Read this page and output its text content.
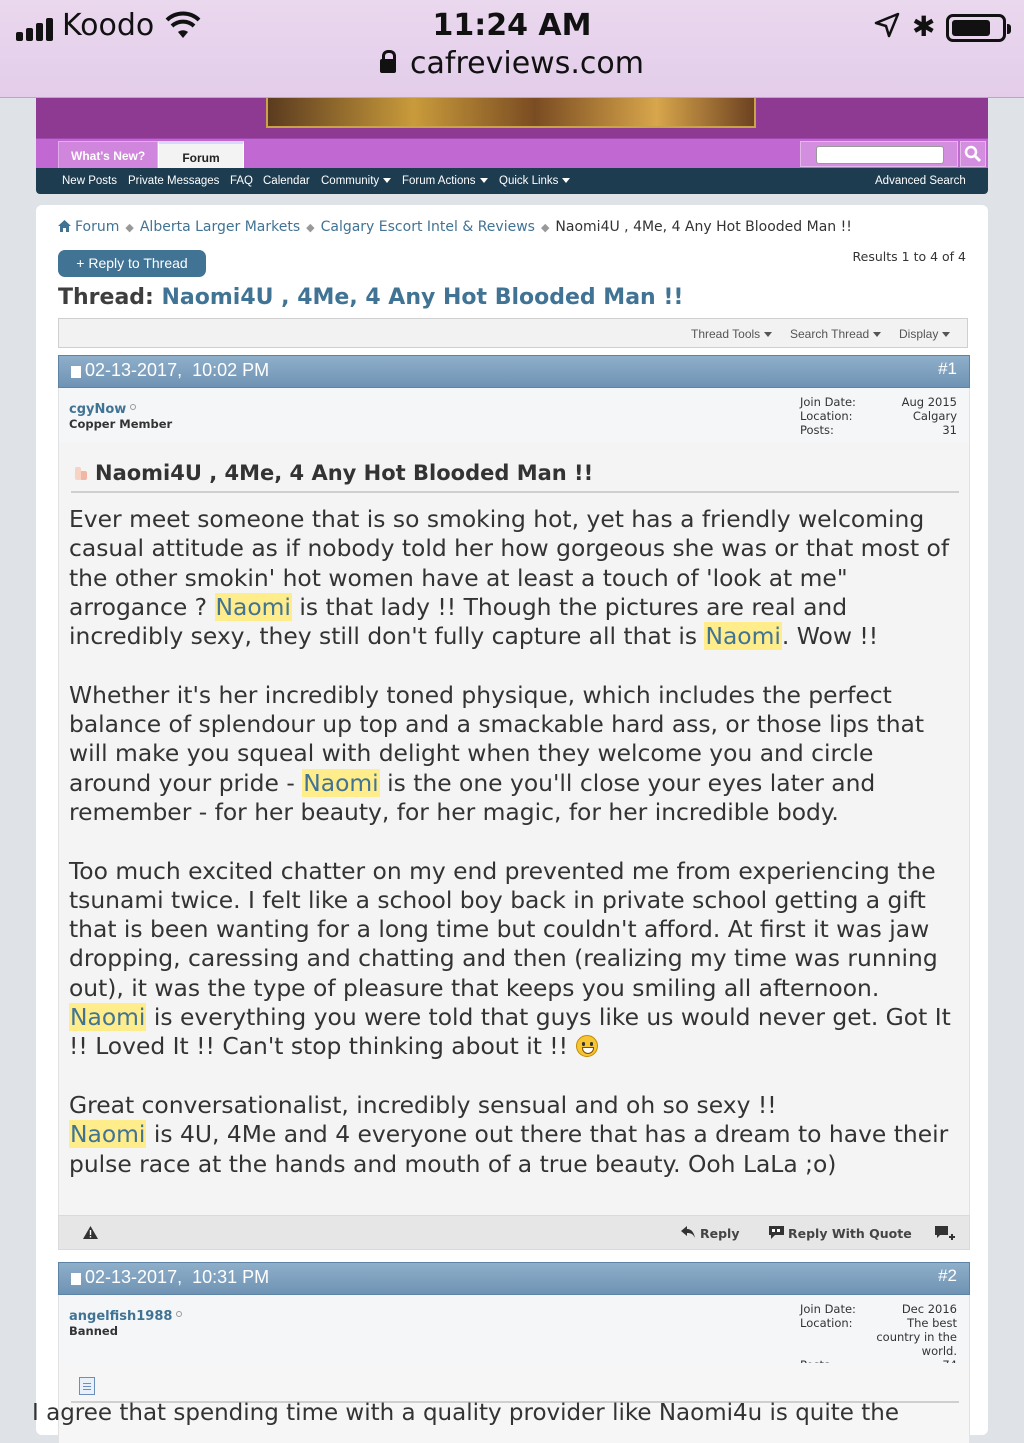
Koodo	11:24 AM	✱
cafreviews.com
What's New?	Forum
New Posts Private Messages FAQ Calendar Community	Forum Actions	Quick Links	Advanced Search
Forum ◆ Alberta Larger Markets ◆ Calgary Escort Intel & Reviews ◆ Naomi4U , 4Me, 4 Any Hot Blooded Man !!
+ Reply to Thread	Results 1 to 4 of 4
Thread: Naomi4U , 4Me, 4 Any Hot Blooded Man !!
Thread Tools	Search Thread	Display
02-13-2017, 10:02 PM	#1
cgyNow
Copper Member
Join Date:	Aug 2015
Location:	Calgary
Posts:	31
Naomi4U , 4Me, 4 Any Hot Blooded Man !!

Ever meet someone that is so smoking hot, yet has a friendly welcoming casual attitude as if nobody told her how gorgeous she was or that most of the other smokin' hot women have at least a touch of 'look at me" arrogance ? Naomi is that lady !! Though the pictures are real and incredibly sexy, they still don't fully capture all that is Naomi. Wow !!

Whether it's her incredibly toned physique, which includes the perfect balance of splendour up top and a smackable hard ass, or those lips that will make you squeal with delight when they welcome you and circle around your pride - Naomi is the one you'll close your eyes later and remember - for her beauty, for her magic, for her incredible body.

Too much excited chatter on my end prevented me from experiencing the tsunami twice. I felt like a school boy back in private school getting a gift that is been wanting for a long time but couldn't afford. At first it was jaw dropping, caressing and chatting and then (realizing my time was running out), it was the type of pleasure that keeps you smiling all afternoon. Naomi is everything you were told that guys like us would never get. Got It !! Loved It !! Can't stop thinking about it !!

Great conversationalist, incredibly sensual and oh so sexy !!
Naomi is 4U, 4Me and 4 everyone out there that has a dream to have their pulse race at the hands and mouth of a true beauty. Ooh LaLa ;o)

Reply	Reply With Quote
02-13-2017, 10:31 PM	#2
angelfish1988
Banned
Join Date:	Dec 2016
Location:	The best country in the world.
I agree that spending time with a quality provider like Naomi4u is quite the
